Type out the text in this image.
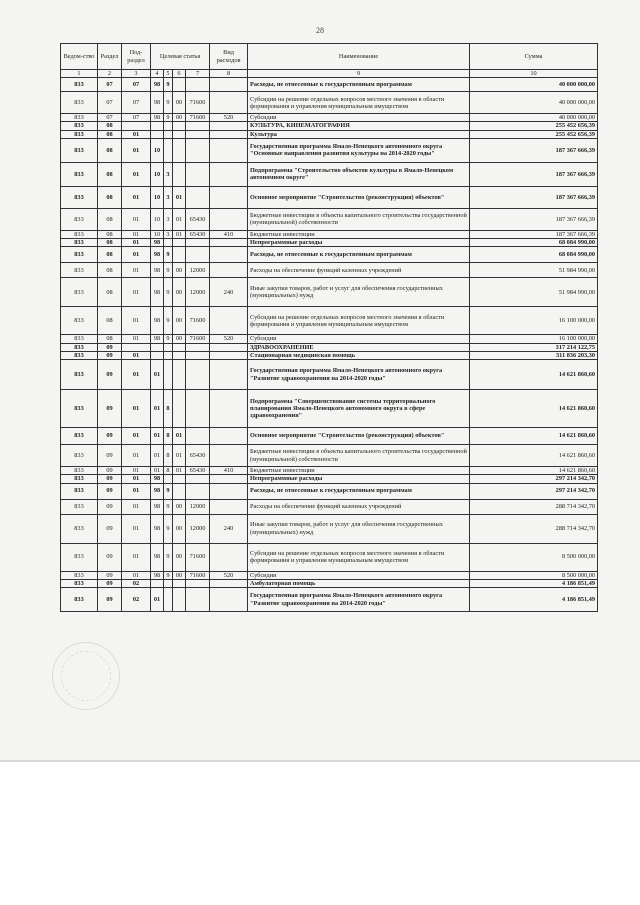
28
Ведом-ство	Раздел	Под-раздел	Целевая статья				Вид расходов	Наименование	Сумма
1	2	3	4	5	6	7	8	9	10
833	07	07	98	9				Расходы, не отнесенные к государственным программам	40 000 000,00
833	07	07	98	9	00	71600		Субсидии на решение отдельных вопросов местного значения в области формирования и управления муниципальным имуществом	40 000 000,00
833	07	07	98	9	00	71600	520	Субсидии	40 000 000,00
833	08							КУЛЬТУРА, КИНЕМАТОГРАФИЯ	255 452 656,39
833	08	01						Культура	255 452 656,39
833	08	01	10					Государственная программа Ямало-Ненецкого автономного округа "Основные направления развития культуры на 2014-2020 годы"	187 367 666,39
833	08	01	10	3				Подпрограмма "Строительство объектов культуры в Ямало-Ненецком автономном округе"	187 367 666,39
833	08	01	10	3	01			Основное мероприятие "Строительство (реконструкция) объектов"	187 367 666,39
833	08	01	10	3	01	65430		Бюджетные инвестиции в объекты капитального строительства государственной (муниципальной) собственности	187 367 666,39
833	08	01	10	3	01	65430	410	Бюджетные инвестиции	187 367 666,39
833	08	01	98					Непрограммные расходы	68 084 990,00
833	08	01	98	9				Расходы, не отнесенные к государственным программам	68 084 990,00
833	08	01	98	9	00	12000		Расходы на обеспечение функций казенных учреждений	51 984 990,00
833	08	01	98	9	00	12000	240	Иные закупки товаров, работ и услуг для обеспечения государственных (муниципальных) нужд	51 984 990,00
833	08	01	98	9	00	71600		Субсидии на решение отдельных вопросов местного значения в области формирования и управления муниципальным имуществом	16 100 000,00
833	08	01	98	9	00	71600	520	Субсидии	16 100 000,00
833	09							ЗДРАВООХРАНЕНИЕ	317 214 122,75
833	09	01						Стационарная медицинская помощь	311 836 203,30
833	09	01	01					Государственная программа Ямало-Ненецкого автономного округа "Развитие здравоохранения на 2014-2020 годы"	14 621 860,60
833	09	01	01	8				Подпрограмма "Совершенствование системы территориального планирования Ямало-Ненецкого автономного округа в сфере здравоохранения"	14 621 860,60
833	09	01	01	8	01			Основное мероприятие "Строительство (реконструкция) объектов"	14 621 860,60
833	09	01	01	8	01	65430		Бюджетные инвестиции в объекты капитального строительства государственной (муниципальной) собственности	14 621 860,60
833	09	01	01	8	01	65430	410	Бюджетные инвестиции	14 621 860,60
833	09	01	98					Непрограммные расходы	297 214 342,70
833	09	01	98	9				Расходы, не отнесенные к государственным программам	297 214 342,70
833	09	01	98	9	00	12000		Расходы на обеспечение функций казенных учреждений	288 714 342,70
833	09	01	98	9	00	12000	240	Иные закупки товаров, работ и услуг для обеспечения государственных (муниципальных) нужд	288 714 342,70
833	09	01	98	9	00	71600		Субсидии на решение отдельных вопросов местного значения в области формирования и управления муниципальным имуществом	8 500 000,00
833	09	01	98	9	00	71600	520	Субсидии	8 500 000,00
833	09	02						Амбулаторная помощь	4 186 851,49
833	09	02	01					Государственная программа Ямало-Ненецкого автономного округа "Развитие здравоохранения на 2014-2020 годы"	4 186 851,49
